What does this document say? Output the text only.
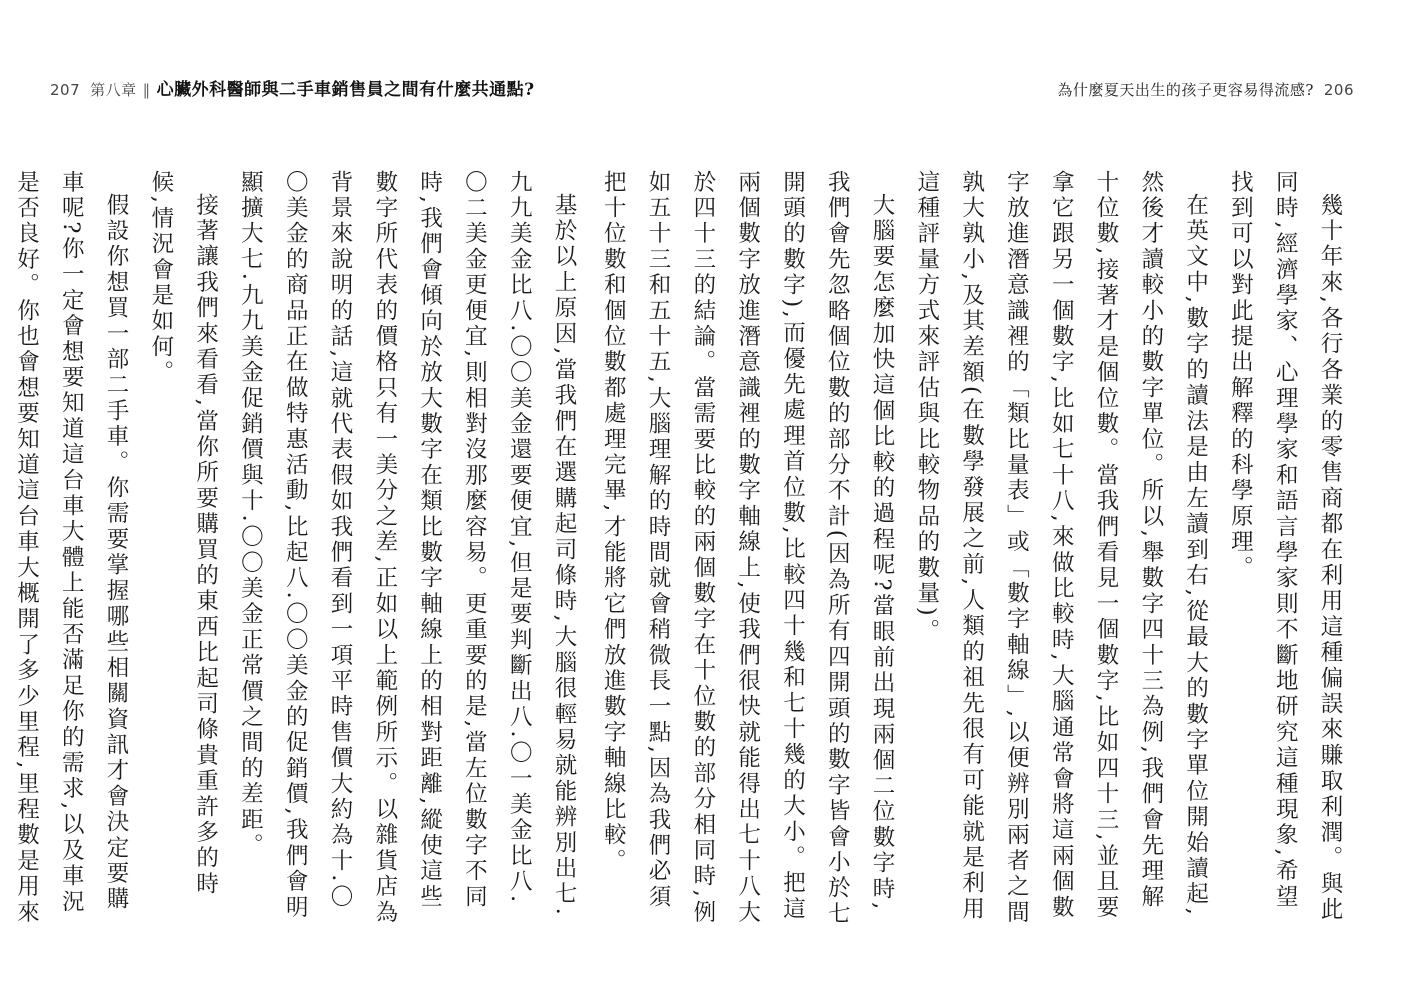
207 第八章 ‖ 心臟外科醫師與二手車銷售員之間有什麼共通點?

基於以上原因,當我們在選購起司條時,大腦很輕易就能辨別出七.九九美金比八.〇〇美金還要便宜,但是要判斷出八.〇一美金比八.〇二美金更便宜,則相對沒那麼容易。更重要的是,當左位數字不同時,我們會傾向於放大數字在類比數字軸線上的相對距離,縱使這些數字所代表的價格只有一美分之差,正如以上範例所示。以雜貨店為背景來說明的話,這就代表假如我們看到一項平時售價大約為十.〇〇美金的商品正在做特惠活動,比起八.〇〇美金的促銷價,我們會明顯擴大七.九九美金促銷價與十.〇〇美金正常價之間的差距。

接著讓我們來看看,當你所要購買的東西比起司條貴重許多的時候,情況會是如何。

假設你想買一部二手車。你需要掌握哪些相關資訊才會決定要購車呢?你一定會想要知道這台車大體上能否滿足你的需求,以及車況是否良好。你也會想要知道這台車大概開了多少里程,里程數是用來

為什麼夏天出生的孩子更容易得流感? 206

幾十年來,各行各業的零售商都在利用這種偏誤來賺取利潤。與此同時,經濟學家、心理學家和語言學家則不斷地研究這種現象,希望找到可以對此提出解釋的科學原理。

在英文中,數字的讀法是由左讀到右,從最大的數字單位開始讀起,然後才讀較小的數字單位。所以,舉數字四十三為例,我們會先理解十位數,接著才是個位數。當我們看見一個數字,比如四十三,並且要拿它跟另一個數字,比如七十八,來做比較時,大腦通常會將這兩個數字放進潛意識裡的「類比量表」或「數字軸線」,以便辨別兩者之間孰大孰小,及其差額(在數學發展之前,人類的祖先很有可能就是利用這種評量方式來評估與比較物品的數量)。

大腦要怎麼加快這個比較的過程呢?當眼前出現兩個二位數字時,我們會先忽略個位數的部分不計(因為所有四開頭的數字皆會小於七開頭的數字),而優先處理首位數,比較四十幾和七十幾的大小。把這兩個數字放進潛意識裡的數字軸線上,使我們很快就能得出七十八大於四十三的結論。當需要比較的兩個數字在十位數的部分相同時,例如五十三和五十五,大腦理解的時間就會稍微長一點,因為我們必須把十位數和個位數都處理完畢,才能將它們放進數字軸線比較。
